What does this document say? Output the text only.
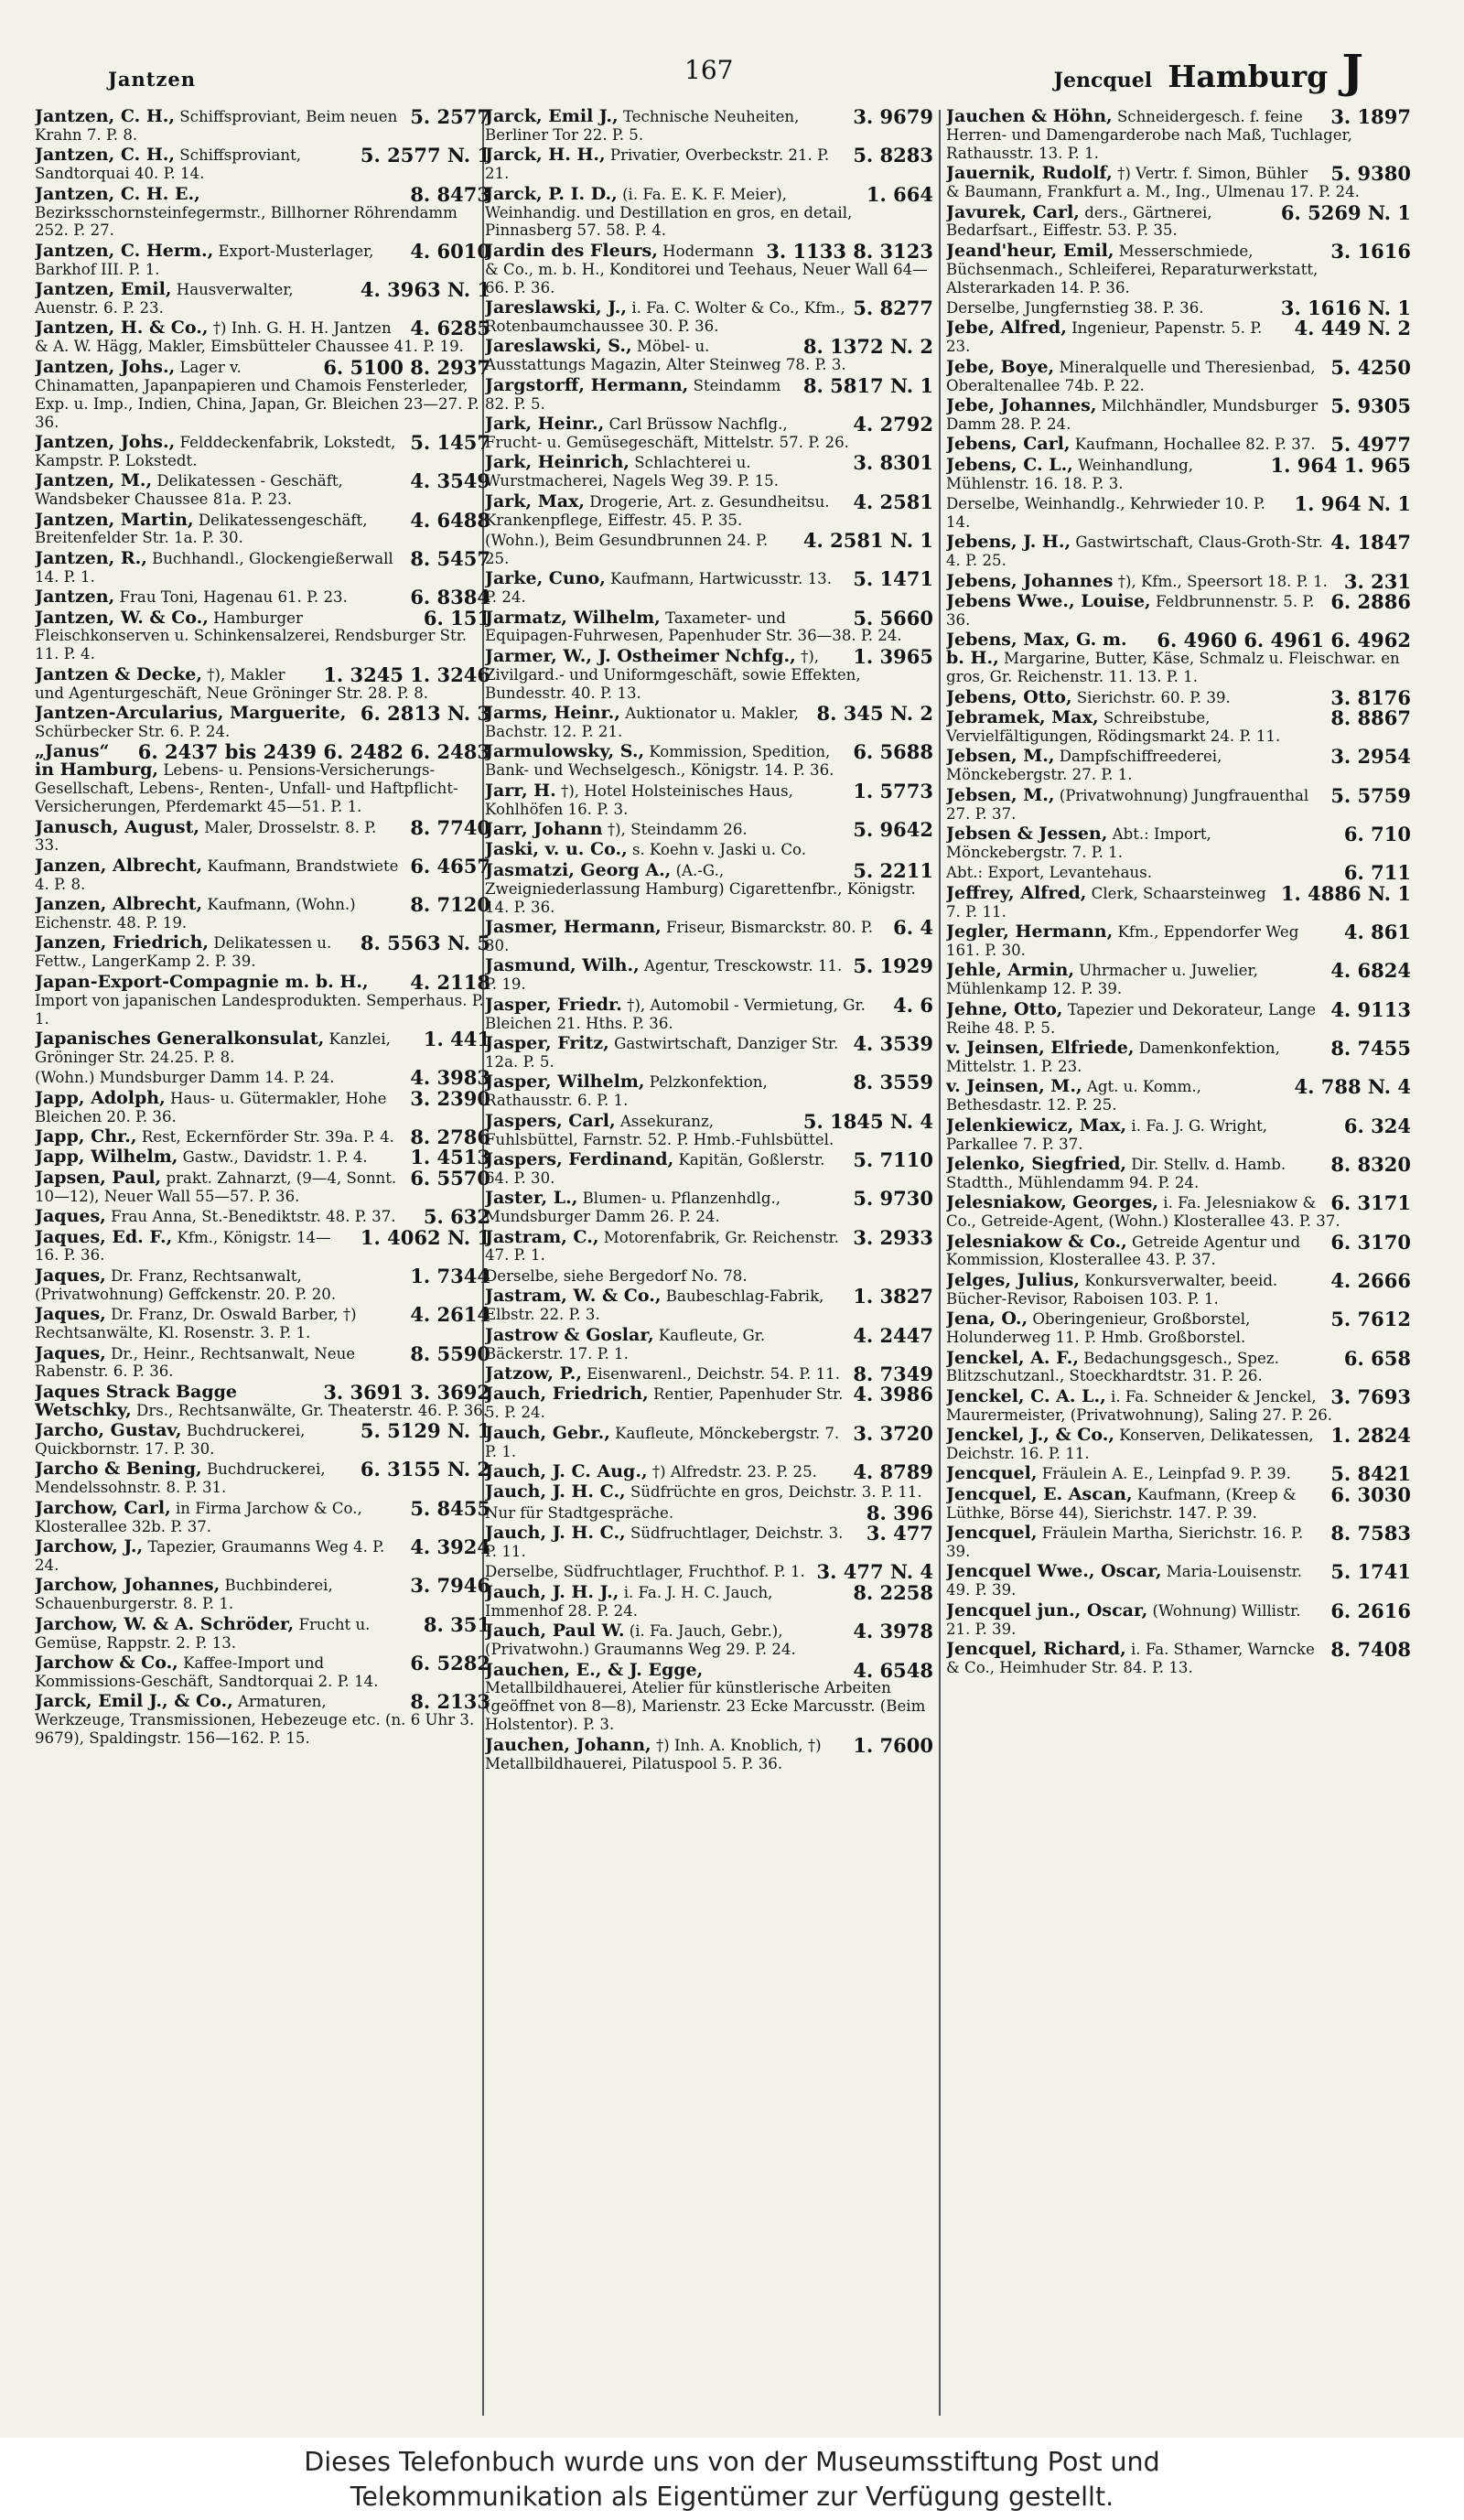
Jantzen	167	Jencquel Hamburg J
5. 2577
Jantzen, C. H., Schiffsproviant, Beim neuen Krahn 7. P. 8.
5. 2577 N. 1
Jantzen, C. H., Schiffsproviant, Sandtorquai 40. P. 14.
8. 8473
Jantzen, C. H. E., Bezirksschornsteinfegermstr., Billhorner Röhrendamm 252. P. 27.
4. 6010
Jantzen, C. Herm., Export-Musterlager, Barkhof III. P. 1.
4. 3963 N. 1
Jantzen, Emil, Hausverwalter, Auenstr. 6. P. 23.
4. 6285
Jantzen, H. & Co., †) Inh. G. H. H. Jantzen & A. W. Hägg, Makler, Eimsbütteler Chaussee 41. P. 19.
6. 5100 8. 2937
Jantzen, Johs., Lager v. Chinamatten, Japanpapieren und Chamois Fensterleder, Exp. u. Imp., Indien, China, Japan, Gr. Bleichen 23—27. P. 36.
5. 1457
Jantzen, Johs., Felddeckenfabrik, Lokstedt, Kampstr. P. Lokstedt.
4. 3549
Jantzen, M., Delikatessen - Geschäft, Wandsbeker Chaussee 81a. P. 23.
4. 6488
Jantzen, Martin, Delikatessengeschäft, Breitenfelder Str. 1a. P. 30.
8. 5457
Jantzen, R., Buchhandl., Glockengießerwall 14. P. 1.
6. 8384
Jantzen, Frau Toni, Hagenau 61. P. 23.
6. 151
Jantzen, W. & Co., Hamburger Fleischkonserven u. Schinkensalzerei, Rendsburger Str. 11. P. 4.
1. 3245 1. 3246
Jantzen & Decke, †), Makler und Agenturgeschäft, Neue Gröninger Str. 28. P. 8.
6. 2813 N. 3
Jantzen-Arcularius, Marguerite, Schürbecker Str. 6. P. 24.
6. 2437 bis 2439 6. 2482 6. 2483
„Janus“ in Hamburg, Lebens- u. Pensions-Versicherungs-Gesellschaft, Lebens-, Renten-, Unfall- und Haftpflicht-Versicherungen, Pferdemarkt 45—51. P. 1.
8. 7740
Janusch, August, Maler, Drosselstr. 8. P. 33.
6. 4657
Janzen, Albrecht, Kaufmann, Brandstwiete 4. P. 8.
8. 7120
Janzen, Albrecht, Kaufmann, (Wohn.) Eichenstr. 48. P. 19.
8. 5563 N. 5
Janzen, Friedrich, Delikatessen u. Fettw., LangerKamp 2. P. 39.
4. 2118
Japan-Export-Compagnie m. b. H., Import von japanischen Landesprodukten. Semperhaus. P. 1.
1. 441
Japanisches Generalkonsulat, Kanzlei, Gröninger Str. 24.25. P. 8.
4. 3983
(Wohn.) Mundsburger Damm 14. P. 24.
3. 2390
Japp, Adolph, Haus- u. Gütermakler, Hohe Bleichen 20. P. 36.
8. 2786
Japp, Chr., Rest, Eckernförder Str. 39a. P. 4.
1. 4513
Japp, Wilhelm, Gastw., Davidstr. 1. P. 4.
6. 5570
Japsen, Paul, prakt. Zahnarzt, (9—4, Sonnt. 10—12), Neuer Wall 55—57. P. 36.
5. 632
Jaques, Frau Anna, St.-Benediktstr. 48. P. 37.
1. 4062 N. 1
Jaques, Ed. F., Kfm., Königstr. 14—16. P. 36.
1. 7344
Jaques, Dr. Franz, Rechtsanwalt, (Privatwohnung) Geffckenstr. 20. P. 20.
4. 2614
Jaques, Dr. Franz, Dr. Oswald Barber, †) Rechtsanwälte, Kl. Rosenstr. 3. P. 1.
8. 5590
Jaques, Dr., Heinr., Rechtsanwalt, Neue Rabenstr. 6. P. 36.
3. 3691 3. 3692
Jaques Strack Bagge Wetschky, Drs., Rechtsanwälte, Gr. Theaterstr. 46. P. 36.
5. 5129 N. 1
Jarcho, Gustav, Buchdruckerei, Quickbornstr. 17. P. 30.
6. 3155 N. 2
Jarcho & Bening, Buchdruckerei, Mendelssohnstr. 8. P. 31.
5. 8455
Jarchow, Carl, in Firma Jarchow & Co., Klosterallee 32b. P. 37.
4. 3924
Jarchow, J., Tapezier, Graumanns Weg 4. P. 24.
3. 7946
Jarchow, Johannes, Buchbinderei, Schauenburgerstr. 8. P. 1.
8. 351
Jarchow, W. & A. Schröder, Frucht u. Gemüse, Rappstr. 2. P. 13.
6. 5282
Jarchow & Co., Kaffee-Import und Kommissions-Geschäft, Sandtorquai 2. P. 14.
8. 2133
Jarck, Emil J., & Co., Armaturen, Werkzeuge, Transmissionen, Hebezeuge etc. (n. 6 Uhr 3. 9679), Spaldingstr. 156—162. P. 15.
3. 9679
Jarck, Emil J., Technische Neuheiten, Berliner Tor 22. P. 5.
5. 8283
Jarck, H. H., Privatier, Overbeckstr. 21. P. 21.
1. 664
Jarck, P. I. D., (i. Fa. E. K. F. Meier), Weinhandig. und Destillation en gros, en detail, Pinnasberg 57. 58. P. 4.
3. 1133 8. 3123
Jardin des Fleurs, Hodermann & Co., m. b. H., Konditorei und Teehaus, Neuer Wall 64—66. P. 36.
5. 8277
Jareslawski, J., i. Fa. C. Wolter & Co., Kfm., Rotenbaumchaussee 30. P. 36.
8. 1372 N. 2
Jareslawski, S., Möbel- u. Ausstattungs Magazin, Alter Steinweg 78. P. 3.
8. 5817 N. 1
Jargstorff, Hermann, Steindamm 82. P. 5.
4. 2792
Jark, Heinr., Carl Brüssow Nachflg., Frucht- u. Gemüsegeschäft, Mittelstr. 57. P. 26.
3. 8301
Jark, Heinrich, Schlachterei u. Wurstmacherei, Nagels Weg 39. P. 15.
4. 2581
Jark, Max, Drogerie, Art. z. Gesundheitsu. Krankenpflege, Eiffestr. 45. P. 35.
4. 2581 N. 1
(Wohn.), Beim Gesundbrunnen 24. P. 25.
5. 1471
Jarke, Cuno, Kaufmann, Hartwicusstr. 13. P. 24.
5. 5660
Jarmatz, Wilhelm, Taxameter- und Equipagen-Fuhrwesen, Papenhuder Str. 36—38. P. 24.
1. 3965
Jarmer, W., J. Ostheimer Nchfg., †), Zivilgard.- und Uniformgeschäft, sowie Effekten, Bundesstr. 40. P. 13.
8. 345 N. 2
Jarms, Heinr., Auktionator u. Makler, Bachstr. 12. P. 21.
6. 5688
Jarmulowsky, S., Kommission, Spedition, Bank- und Wechselgesch., Königstr. 14. P. 36.
1. 5773
Jarr, H. †), Hotel Holsteinisches Haus, Kohlhöfen 16. P. 3.
5. 9642
Jarr, Johann †), Steindamm 26.
Jaski, v. u. Co., s. Koehn v. Jaski u. Co.
5. 2211
Jasmatzi, Georg A., (A.-G., Zweigniederlassung Hamburg) Cigarettenfbr., Königstr. 14. P. 36.
6. 4
Jasmer, Hermann, Friseur, Bismarckstr. 80. P. 30.
5. 1929
Jasmund, Wilh., Agentur, Tresckowstr. 11. P. 19.
4. 6
Jasper, Friedr. †), Automobil - Vermietung, Gr. Bleichen 21. Hths. P. 36.
4. 3539
Jasper, Fritz, Gastwirtschaft, Danziger Str. 12a. P. 5.
8. 3559
Jasper, Wilhelm, Pelzkonfektion, Rathausstr. 6. P. 1.
5. 1845 N. 4
Jaspers, Carl, Assekuranz, Fuhlsbüttel, Farnstr. 52. P. Hmb.-Fuhlsbüttel.
5. 7110
Jaspers, Ferdinand, Kapitän, Goßlerstr. 64. P. 30.
5. 9730
Jaster, L., Blumen- u. Pflanzenhdlg., Mundsburger Damm 26. P. 24.
3. 2933
Jastram, C., Motorenfabrik, Gr. Reichenstr. 47. P. 1.
Derselbe, siehe Bergedorf No. 78.
1. 3827
Jastram, W. & Co., Baubeschlag-Fabrik, Elbstr. 22. P. 3.
4. 2447
Jastrow & Goslar, Kaufleute, Gr. Bäckerstr. 17. P. 1.
8. 7349
Jatzow, P., Eisenwarenl., Deichstr. 54. P. 11.
4. 3986
Jauch, Friedrich, Rentier, Papenhuder Str. 5. P. 24.
3. 3720
Jauch, Gebr., Kaufleute, Mönckebergstr. 7. P. 1.
4. 8789
Jauch, J. C. Aug., †) Alfredstr. 23. P. 25.
Jauch, J. H. C., Südfrüchte en gros, Deichstr. 3. P. 11.
8. 396
Nur für Stadtgespräche.
3. 477
Jauch, J. H. C., Südfruchtlager, Deichstr. 3. P. 11.
3. 477 N. 4
Derselbe, Südfruchtlager, Fruchthof. P. 1.
8. 2258
Jauch, J. H. J., i. Fa. J. H. C. Jauch, Immenhof 28. P. 24.
4. 3978
Jauch, Paul W. (i. Fa. Jauch, Gebr.), (Privatwohn.) Graumanns Weg 29. P. 24.
4. 6548
Jauchen, E., & J. Egge, Metallbildhauerei, Atelier für künstlerische Arbeiten (geöffnet von 8—8), Marienstr. 23 Ecke Marcusstr. (Beim Holstentor). P. 3.
1. 7600
Jauchen, Johann, †) Inh. A. Knoblich, †) Metallbildhauerei, Pilatuspool 5. P. 36.
3. 1897
Jauchen & Höhn, Schneidergesch. f. feine Herren- und Damengarderobe nach Maß, Tuchlager, Rathausstr. 13. P. 1.
5. 9380
Jauernik, Rudolf, †) Vertr. f. Simon, Bühler & Baumann, Frankfurt a. M., Ing., Ulmenau 17. P. 24.
6. 5269 N. 1
Javurek, Carl, ders., Gärtnerei, Bedarfsart., Eiffestr. 53. P. 35.
3. 1616
Jeand'heur, Emil, Messerschmiede, Büchsenmach., Schleiferei, Reparaturwerkstatt, Alsterarkaden 14. P. 36.
3. 1616 N. 1
Derselbe, Jungfernstieg 38. P. 36.
4. 449 N. 2
Jebe, Alfred, Ingenieur, Papenstr. 5. P. 23.
5. 4250
Jebe, Boye, Mineralquelle und Theresienbad, Oberaltenallee 74b. P. 22.
5. 9305
Jebe, Johannes, Milchhändler, Mundsburger Damm 28. P. 24.
5. 4977
Jebens, Carl, Kaufmann, Hochallee 82. P. 37.
1. 964 1. 965
Jebens, C. L., Weinhandlung, Mühlenstr. 16. 18. P. 3.
1. 964 N. 1
Derselbe, Weinhandlg., Kehrwieder 10. P. 14.
4. 1847
Jebens, J. H., Gastwirtschaft, Claus-Groth-Str. 4. P. 25.
3. 231
Jebens, Johannes †), Kfm., Speersort 18. P. 1.
6. 2886
Jebens Wwe., Louise, Feldbrunnenstr. 5. P. 36.
6. 4960 6. 4961 6. 4962
Jebens, Max, G. m. b. H., Margarine, Butter, Käse, Schmalz u. Fleischwar. en gros, Gr. Reichenstr. 11. 13. P. 1.
3. 8176
Jebens, Otto, Sierichstr. 60. P. 39.
8. 8867
Jebramek, Max, Schreibstube, Vervielfältigungen, Rödingsmarkt 24. P. 11.
3. 2954
Jebsen, M., Dampfschiffreederei, Mönckebergstr. 27. P. 1.
5. 5759
Jebsen, M., (Privatwohnung) Jungfrauenthal 27. P. 37.
6. 710
Jebsen & Jessen, Abt.: Import, Mönckebergstr. 7. P. 1.
6. 711
Abt.: Export, Levantehaus.
1. 4886 N. 1
Jeffrey, Alfred, Clerk, Schaarsteinweg 7. P. 11.
4. 861
Jegler, Hermann, Kfm., Eppendorfer Weg 161. P. 30.
4. 6824
Jehle, Armin, Uhrmacher u. Juwelier, Mühlenkamp 12. P. 39.
4. 9113
Jehne, Otto, Tapezier und Dekorateur, Lange Reihe 48. P. 5.
8. 7455
v. Jeinsen, Elfriede, Damenkonfektion, Mittelstr. 1. P. 23.
4. 788 N. 4
v. Jeinsen, M., Agt. u. Komm., Bethesdastr. 12. P. 25.
6. 324
Jelenkiewicz, Max, i. Fa. J. G. Wright, Parkallee 7. P. 37.
8. 8320
Jelenko, Siegfried, Dir. Stellv. d. Hamb. Stadtth., Mühlendamm 94. P. 24.
6. 3171
Jelesniakow, Georges, i. Fa. Jelesniakow & Co., Getreide-Agent, (Wohn.) Klosterallee 43. P. 37.
6. 3170
Jelesniakow & Co., Getreide Agentur und Kommission, Klosterallee 43. P. 37.
4. 2666
Jelges, Julius, Konkursverwalter, beeid. Bücher-Revisor, Raboisen 103. P. 1.
5. 7612
Jena, O., Oberingenieur, Großborstel, Holunderweg 11. P. Hmb. Großborstel.
6. 658
Jenckel, A. F., Bedachungsgesch., Spez. Blitzschutzanl., Stoeckhardtstr. 31. P. 26.
3. 7693
Jenckel, C. A. L., i. Fa. Schneider & Jenckel, Maurermeister, (Privatwohnung), Saling 27. P. 26.
1. 2824
Jenckel, J., & Co., Konserven, Delikatessen, Deichstr. 16. P. 11.
5. 8421
Jencquel, Fräulein A. E., Leinpfad 9. P. 39.
6. 3030
Jencquel, E. Ascan, Kaufmann, (Kreep & Lüthke, Börse 44), Sierichstr. 147. P. 39.
8. 7583
Jencquel, Fräulein Martha, Sierichstr. 16. P. 39.
5. 1741
Jencquel Wwe., Oscar, Maria-Louisenstr. 49. P. 39.
6. 2616
Jencquel jun., Oscar, (Wohnung) Willistr. 21. P. 39.
8. 7408
Jencquel, Richard, i. Fa. Sthamer, Warncke & Co., Heimhuder Str. 84. P. 13.
Dieses Telefonbuch wurde uns von der Museumsstiftung Post und
Telekommunikation als Eigentümer zur Verfügung gestellt.
